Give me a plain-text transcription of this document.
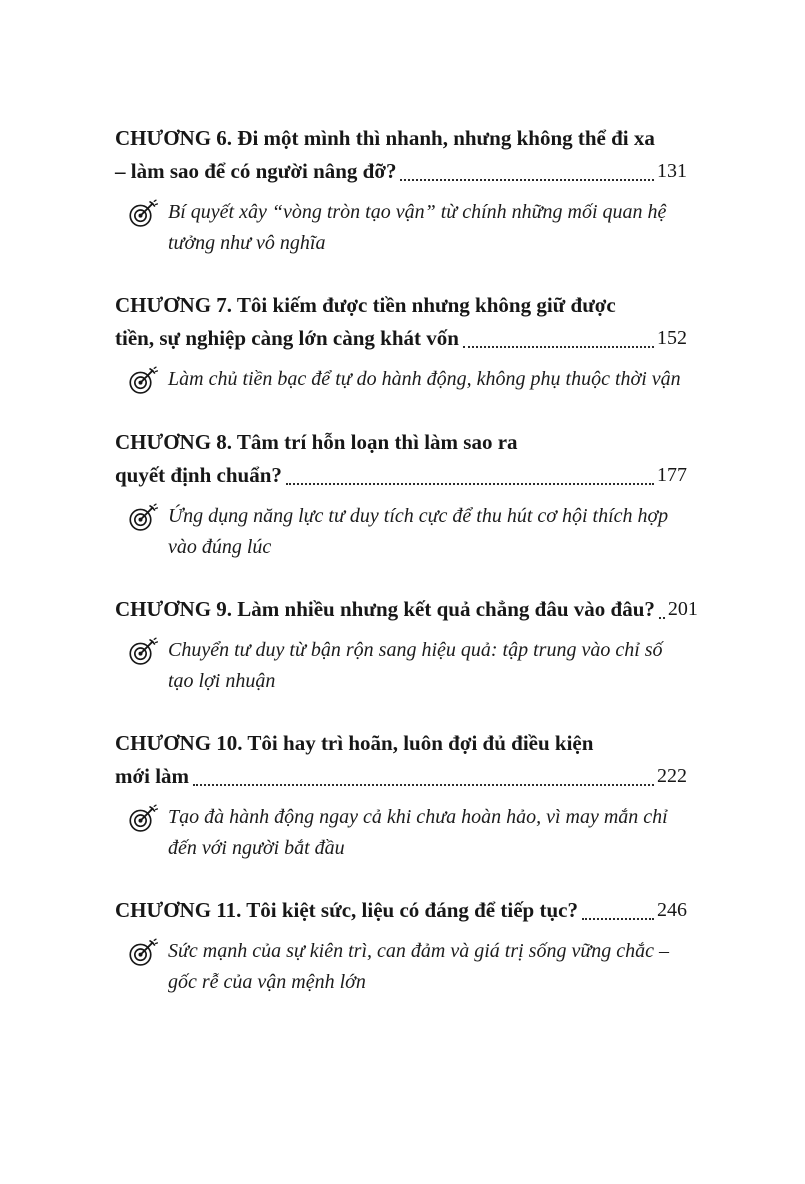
CHƯƠNG 6. Đi một mình thì nhanh, nhưng không thể đi xa
– làm sao để có người nâng đỡ?	131
Bí quyết xây “vòng tròn tạo vận” từ chính những mối quan hệ tưởng như vô nghĩa
CHƯƠNG 7. Tôi kiếm được tiền nhưng không giữ được
tiền, sự nghiệp càng lớn càng khát vốn	152
Làm chủ tiền bạc để tự do hành động, không phụ thuộc thời vận
CHƯƠNG 8. Tâm trí hỗn loạn thì làm sao ra
quyết định chuẩn?	177
Ứng dụng năng lực tư duy tích cực để thu hút cơ hội thích hợp vào đúng lúc
CHƯƠNG 9. Làm nhiều nhưng kết quả chẳng đâu vào đâu? 201
Chuyển tư duy từ bận rộn sang hiệu quả: tập trung vào chỉ số tạo lợi nhuận
CHƯƠNG 10. Tôi hay trì hoãn, luôn đợi đủ điều kiện
mới làm	222
Tạo đà hành động ngay cả khi chưa hoàn hảo, vì may mắn chỉ đến với người bắt đầu
CHƯƠNG 11. Tôi kiệt sức, liệu có đáng để tiếp tục?	246
Sức mạnh của sự kiên trì, can đảm và giá trị sống vững chắc – gốc rễ của vận mệnh lớn
